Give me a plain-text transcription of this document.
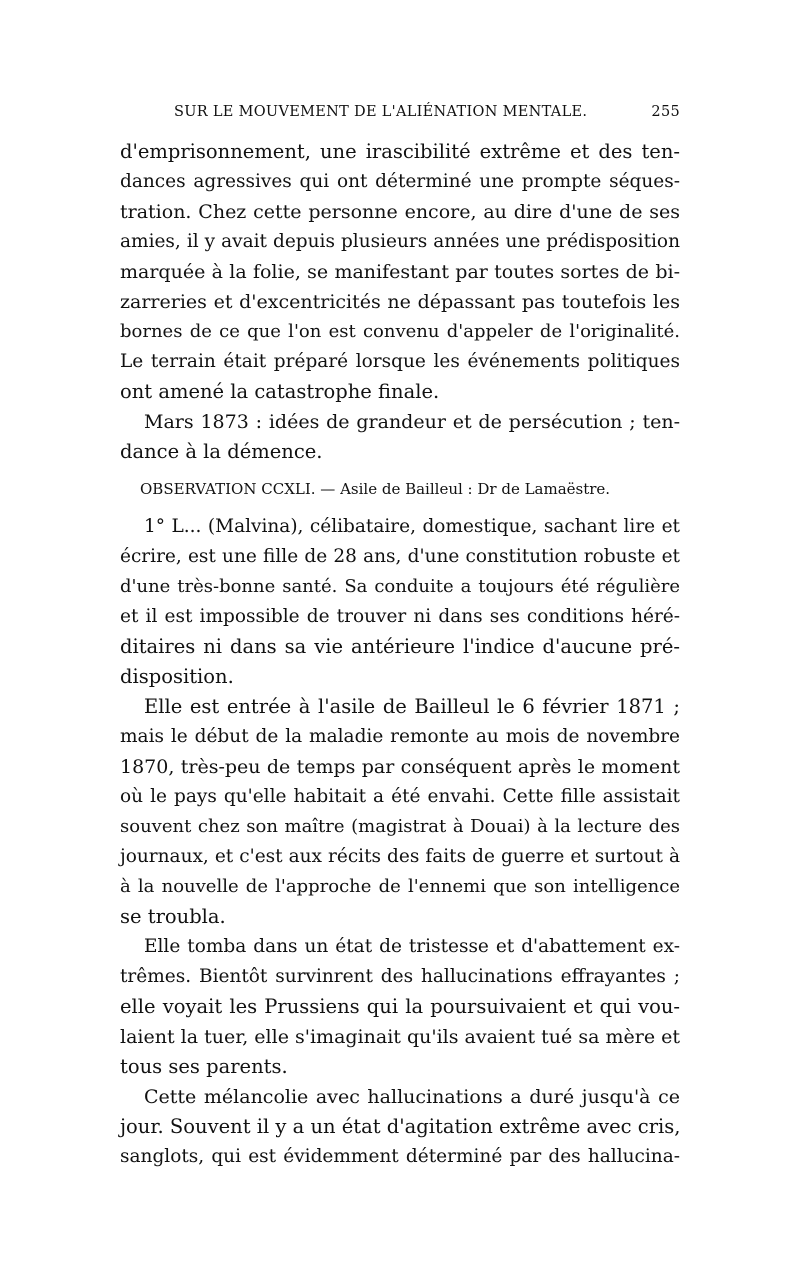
SUR LE MOUVEMENT DE L'ALIÉNATION MENTALE.	255
d'emprisonnement, une irascibilité extrême et des ten-
dances agressives qui ont déterminé une prompte séques-
tration. Chez cette personne encore, au dire d'une de ses
amies, il y avait depuis plusieurs années une prédisposition
marquée à la folie, se manifestant par toutes sortes de bi-
zarreries et d'excentricités ne dépassant pas toutefois les
bornes de ce que l'on est convenu d'appeler de l'originalité.
Le terrain était préparé lorsque les événements politiques
ont amené la catastrophe finale.
Mars 1873 : idées de grandeur et de persécution ; ten-
dance à la démence.
OBSERVATION CCXLI. — Asile de Bailleul : Dr de Lamaëstre.
1° L... (Malvina), célibataire, domestique, sachant lire et
écrire, est une fille de 28 ans, d'une constitution robuste et
d'une très-bonne santé. Sa conduite a toujours été régulière
et il est impossible de trouver ni dans ses conditions héré-
ditaires ni dans sa vie antérieure l'indice d'aucune pré-
disposition.
Elle est entrée à l'asile de Bailleul le 6 février 1871 ;
mais le début de la maladie remonte au mois de novembre
1870, très-peu de temps par conséquent après le moment
où le pays qu'elle habitait a été envahi. Cette fille assistait
souvent chez son maître (magistrat à Douai) à la lecture des
journaux, et c'est aux récits des faits de guerre et surtout à
à la nouvelle de l'approche de l'ennemi que son intelligence
se troubla.
Elle tomba dans un état de tristesse et d'abattement ex-
trêmes. Bientôt survinrent des hallucinations effrayantes ;
elle voyait les Prussiens qui la poursuivaient et qui vou-
laient la tuer, elle s'imaginait qu'ils avaient tué sa mère et
tous ses parents.
Cette mélancolie avec hallucinations a duré jusqu'à ce
jour. Souvent il y a un état d'agitation extrême avec cris,
sanglots, qui est évidemment déterminé par des hallucina-
